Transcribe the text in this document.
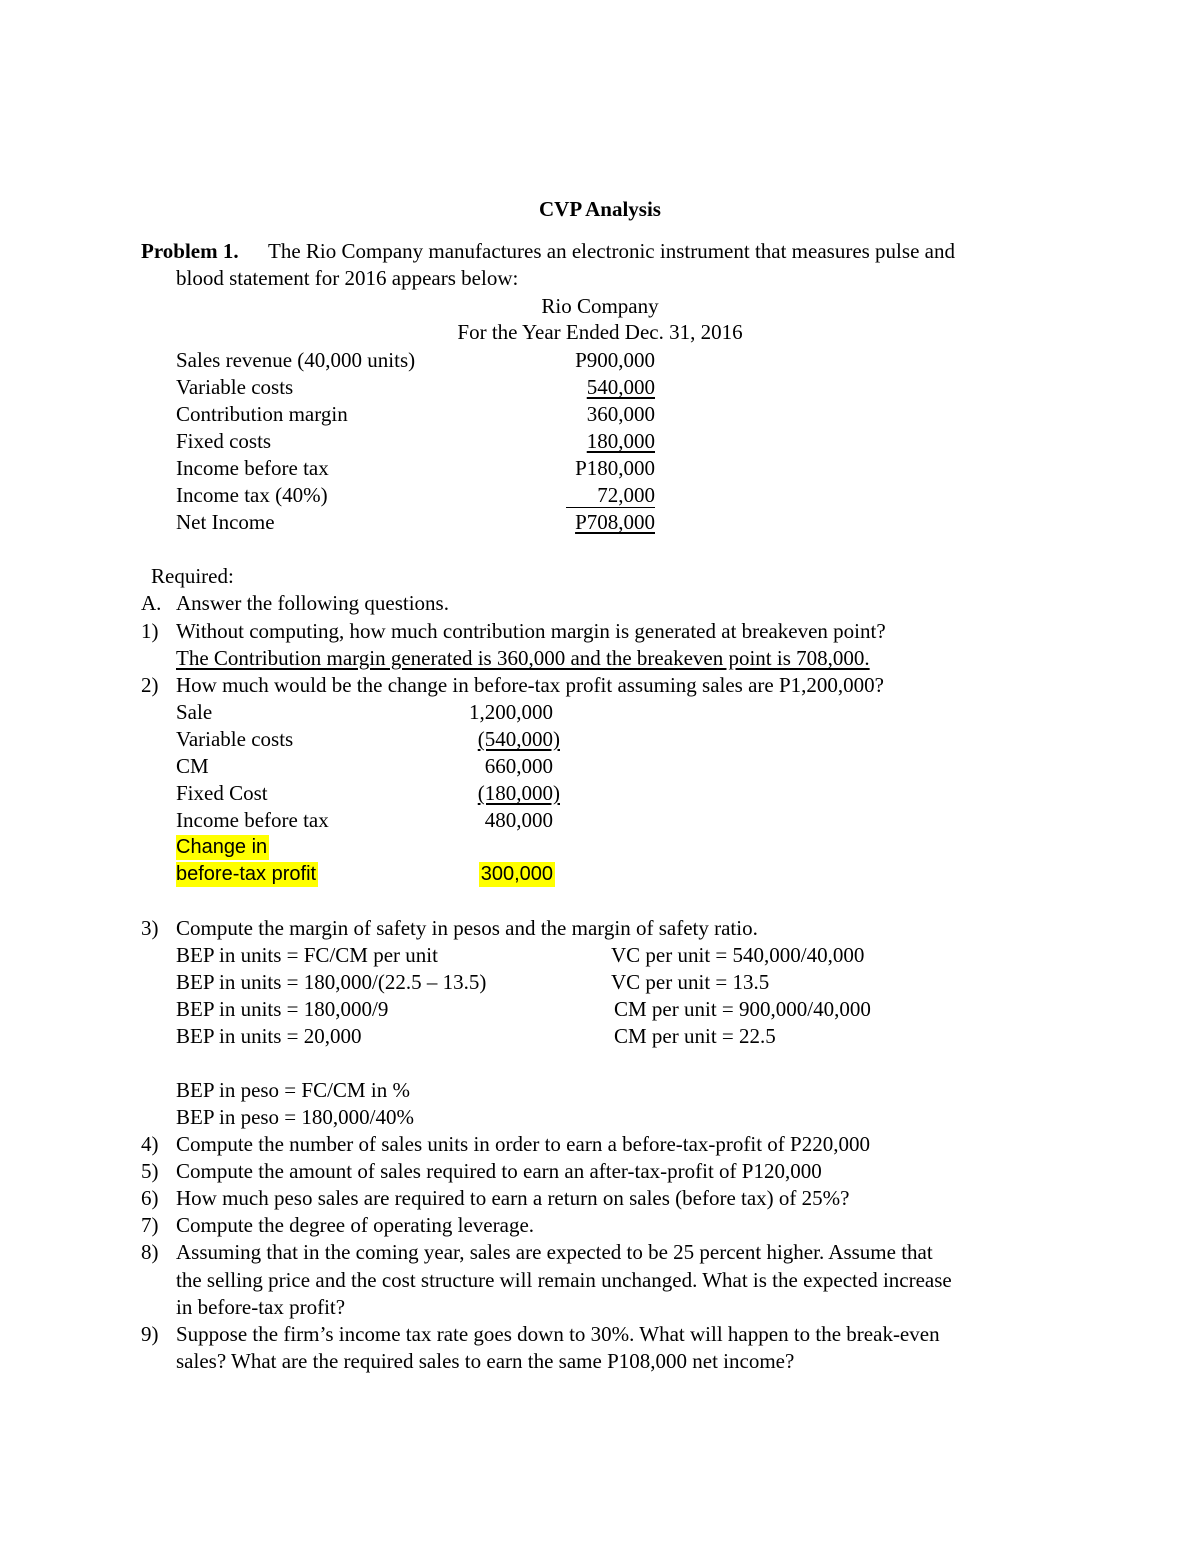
CVP Analysis
Problem 1. The Rio Company manufactures an electronic instrument that measures pulse and
blood statement for 2016 appears below:
Rio Company
For the Year Ended Dec. 31, 2016
Sales revenue (40,000 units)	P900,000
Variable costs	540,000
Contribution margin	360,000
Fixed costs	180,000
Income before tax	P180,000
Income tax (40%)	72,000
Net Income	P708,000
Required:
A. Answer the following questions.
1) Without computing, how much contribution margin is generated at breakeven point?
The Contribution margin generated is 360,000 and the breakeven point is 708,000.
2) How much would be the change in before-tax profit assuming sales are P1,200,000?
Sale	1,200,000
Variable costs	(540,000)
CM	660,000
Fixed Cost	(180,000)
Income before tax	480,000
Change in
before-tax profit	300,000
3) Compute the margin of safety in pesos and the margin of safety ratio.
BEP in units = FC/CM per unit
BEP in units = 180,000/(22.5 – 13.5)
BEP in units = 180,000/9
BEP in units = 20,000
VC per unit = 540,000/40,000
VC per unit = 13.5
CM per unit = 900,000/40,000
CM per unit = 22.5
BEP in peso = FC/CM in %
BEP in peso = 180,000/40%
4) Compute the number of sales units in order to earn a before-tax-profit of P220,000
5) Compute the amount of sales required to earn an after-tax-profit of P120,000
6) How much peso sales are required to earn a return on sales (before tax) of 25%?
7) Compute the degree of operating leverage.
8) Assuming that in the coming year, sales are expected to be 25 percent higher. Assume that
the selling price and the cost structure will remain unchanged. What is the expected increase
in before-tax profit?
9) Suppose the firm’s income tax rate goes down to 30%. What will happen to the break-even
sales? What are the required sales to earn the same P108,000 net income?
